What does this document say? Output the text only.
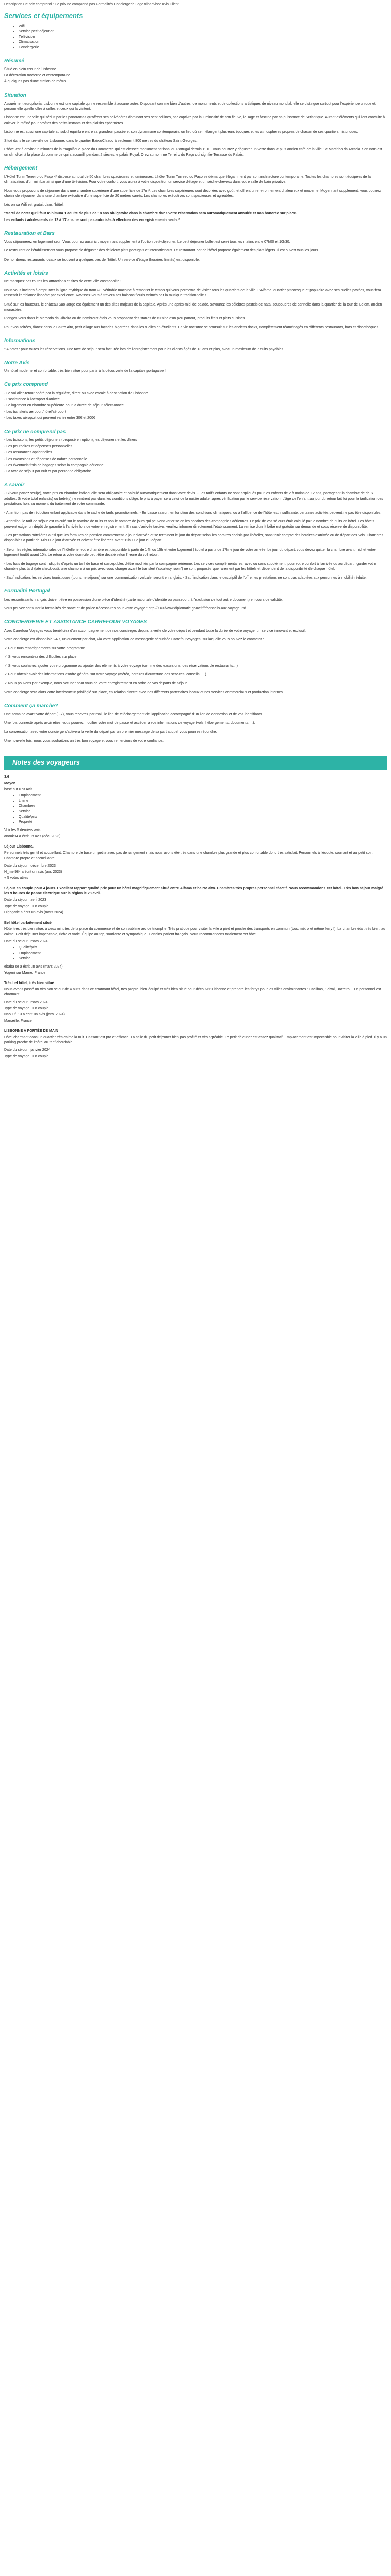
Description Ce prix comprend : Ce prix ne comprend pas Formalités Conciergerie Logo tripadvisor Avis Client

Services et équipements
• Wifi
• Service petit déjeuner
• Télévision
• Climatisation
• Conciergerie
Résumé

Situé en plein cœur de Lisbonne

La décoration moderne et contemporaine

À quelques pas d'une station de métro

Situation

Assurément europhoria, Lisbonne est une capitale qui ne ressemble à aucune autre. Disposant comme bien d'autres, de monuments et de collections artistiques de niveau mondial, elle se distingue surtout pour l'expérience unique et personnelle qu'elle offre à celles et ceux qui la visitent.

Lisbonne est une ville qui séduit par les panoramas qu'offrent ses belvédères dominant ses sept collines, par captivre par la luminosité de son fleuve, le Tage et fascine par sa puissance de l'Atlantique. Autant d'éléments qui l'ont conduite à cultiver le raffiné pour profiter des petits instants et des plaisirs éphémères.

Lisbonne est aussi une capitale au subtil équilibre entre sa grandeur passée et son dynamisme contemporain, un lieu où se mélangent plusieurs époques et les atmosphères propres de chacun de ses quartiers historiques.

Situé dans le centre-ville de Lisbonne, dans le quartier Baixa/Chiado à seulement 800 mètres du château Saint-Georges.

L'hôtel est à environ 5 minutes de la magnifique place du Commerce qui est classée monument national du Portugal depuis 1910. Vous pourrez y déguster un verre dans le plus ancien café de la ville : le Martinho da Arcada. Son nom est un clin d'œil à la place du commerce qui a accueilli pendant 2 siècles le palais Royal. Orez surnomme Terreiro do Paço qui signifie Terrasse du Palais.

Hébergement

L'Hôtel Turim Terreiro do Paço 4* dispose au total de 50 chambres spacieuses et lumineuses. L'hôtel Turim Terreiro do Paço se démarque élégamment par son architecture contemporaine. Toutes les chambres sont équipées de la climatisation, d'un minibar ainsi que d'une télévision. Pour votre confort, vous aurez à votre disposition un service d'étage et un sèche-cheveux dans votre salle de bain privative.

Nous vous proposons de séjourner dans une chambre supérieure d'une superficie de 17m². Les chambres supérieures sont décorées avec goût, et offrent un environnement chaleureux et moderne. Moyennant supplément, vous pourrez choisir de séjourner dans une chambre exécutive d'une superficie de 20 mètres carrés. Les chambres exécutives sont spacieuses et agréables.

Lès on sa Wifi est gratuit dans l'hôtel.

*Merci de noter qu'il faut minimum 1 adulte de plus de 18 ans obligatoire dans la chambre dans votre réservation sera automatiquement annulée et non honorée sur place.

Les enfants / adolescents de 12 à 17 ans ne sont pas autorisés à effectuer des enregistrements seuls.*

Restauration et Bars

Vous séjournerez en logement seul. Vous pourrez aussi ici, moyennant supplément à l'option petit-déjeuner. Le petit déjeuner buffet est servi tous les matins entre 07h00 et 10h30.

Le restaurant de l'établissement vous propose de déguster des délicieux plats portugais et internationaux. Le restaurant bar de l'hôtel propose également des plats légers. Il est ouvert tous les jours.

De nombreux restaurants locaux se trouvent à quelques pas de l'hôtel. Un service d'étage (horaires limités) est disponible.

Activités et loisirs

Ne manquez pas toutes les attractions et sites de cette ville cosmopolite !

Nous vous invitons à emprunter la ligne mythique du tram 28, véritable machine à remonter le temps qui vous permettra de visiter tous les quartiers de la ville. L'Alfama, quartier pittoresque et populaire avec ses ruelles pavées, vous fera ressentir l'ambiance lisboète par excellence. Ravissez-vous à travers ses balcons fleuris animés par la musique traditionnelle !

Situé sur les hauteurs, le château Sao Jorge est également un des sites majeurs de la capitale. Après une après-midi de balade, savourez les célèbres pasteis de nata, soupoudrés de cannelle dans la quartier de la tour de Belem, ancien monastère.

Plongez-vous dans le Mercado da Ribeira ou de nombreux étals vous proposent des stands de cuisine d'un peu partout, produits frais et plats cuisinés.

Pour vos soirées, flânez dans le Bairro Alto, petit village aux façades bigarrées dans les ruelles en étudiants. La vie nocturne se poursuit sur les anciens docks, complètement réaménagés en différents restaurants, bars et discothèques.

Informations

* A noter : pour toutes les réservations, une taxe de séjour sera facturée lors de l'enregistrement pour les clients âgés de 13 ans et plus, avec un maximum de 7 nuits payables.

Notre Avis

Un hôtel moderne et confortable, très bien situé pour partir à la découverte de la capitale portugaise !

Ce prix comprend

- Le vol aller-retour opéré par la régulière, direct ou avec escale à destination de Lisbonne

- L'assistance à l'aéroport d'arrivée

- Le logement en chambre supérieure pour la durée de séjour sélectionnée

- Les transferts aéroport/hôtel/aéroport

- Les taxes aéroport qui peuvent varier entre 30€ et 200€

Ce prix ne comprend pas

- Les boissons, les petits déjeuners (proposé en option), les déjeuners et les dîners

- Les pourboires et dépenses personnelles

- Les assurances optionnelles

- Les excursions et dépenses de nature personnelle

- Les éventuels frais de bagages selon la compagnie aérienne

- La taxe de séjour par nuit et par personne obligatoire

A savoir

- Si vous partez seul(e), votre prix en chambre individuelle sera obligatoire et calculé automatiquement dans votre devis. - Les tarifs enfants ne sont appliqués pour les enfants de 2 à moins de 12 ans, partageant la chambre de deux adultes. Si votre total enfant(s) ou bébé(s) ne rentrent pas dans les conditions d'âge, le prix à payer sera celui de la nuitée adulte, après vérification par le service réservation. L'âge de l'enfant au jour du retour fait foi pour la tarification des prestations hors au moment du traitement de votre commande.

- Attention, pas de réduction enfant applicable dans le cadre de tarifs promotionnels. - En basse saison, en fonction des conditions climatiques, ou à l'affluence de l'hôtel est insuffisante, certaines activités peuvent ne pas être disponibles.

- Attention, le tarif de séjour est calculé sur le nombre de nuits et non le nombre de jours qui peuvent varier selon les horaires des compagnies aériennes. Le prix de vos séjours était calculé par le nombre de nuits en hôtel. Les hôtels peuvent exiger un dépôt de garantie à l'arrivée lors de votre enregistrement. En cas d'arrivée tardive, veuillez informer directement l'établissement. La remise d'un lit bébé est gratuite sur demande et sous réserve de disponibilité.

- Les prestations hôtelières ainsi que les formules de pension commencent le jour d'arrivée et se terminent le jour du départ selon les horaires choisis par l'hôtelier, sans tenir compte des horaires d'arrivée ou de départ des vols. Chambres disponibles à partir de 14h00 le jour d'arrivée et doivent être libérées avant 12h00 le jour du départ.

- Selon les règles internationales de l'hôtellerie, votre chambre est disponible à partir de 14h ou 15h et votre logement ( toutel à partir de 17h le jour de votre arrivée. Le jour du départ, vous devez quitter la chambre avant midi et votre logement toutôt avant 10h. Le retour à votre domicile peut être décalé selon l'heure du vol retour.

- Les frais de bagage sont indiqués d'après un tarif de base et susceptibles d'être modifiés par la compagnie aérienne. Les services complémentaires, avec ou sans supplément, pour votre confort à l'arrivée ou au départ : garder votre chambre plus tard (late check-out), une chambre à un prix avec vous charger avant le transfert ('courtesy room') ne sont proposés que rarement par les hôtels et dépendent de la disponibilité de chaque hôtel.

- Sauf indication, les services touristiques (tourisme séjours) sur une communication verbale, seront en anglais. - Sauf indication dans le descriptif de l'offre, les prestations ne sont pas adaptées aux personnes à mobilité réduite.

Formalité Portugal

Les ressortissants français doivent être en possession d'une pièce d'identité (carte nationale d'identité ou passeport, à l'exclusion de tout autre document) en cours de validité.

Vous pouvez consulter la formalités de santé et de police nécessaires pour votre voyage : http://XXX/www.diplomatie.gouv.fr/fr/conseils-aux-voyageurs/

CONCIERGERIE ET ASSISTANCE CARREFOUR VOYAGES

Avec Carrefour Voyages vous bénéficiez d'un accompagnement de nos concierges depuis la veille de votre départ et pendant toute la durée de votre voyage, un service innovant et exclusif.

Votre concierge est disponible 24/7, uniquement par chat, via votre application de messagerie sécurisée CarrefourVoyages, sur laquelle vous pouvez le contacter :

✓ Pour tous renseignements sur votre programme

✓ Si vous rencontrez des difficultés sur place

✓ Si vous souhaitez ajouter votre programme ou ajouter des éléments à votre voyage (comme des excursions, des réservations de restaurants…)

✓ Pour obtenir avoir des informations d'ordre général sur votre voyage (météo, horaires d'ouverture des services, conseils, …)

✓ Nous pouvons par exemple, nous occuper pour vous de votre enregistrement en ordre de vos départs de séjour.

Votre concierge sera alors votre interlocuteur privilégié sur place, en relation directe avec nos différents partenaires locaux et nos services commerciaux et production internes.

Comment ça marche?

Une semaine avant votre départ (J-7), vous recevrez par mail, le lien de téléchargement de l'application accompagné d'un lien de connexion et de vos identifiants.

Une fois connecté après avoir étiez, vous pourrez modifier votre mot de passe et accéder à vos informations de voyage (vols, hébergements, documents,…).

La conversation avec votre concierge s'activera la veille du départ par un premier message de sa part auquel vous pourrez répondre.

Une nouvelle fois, nous vous souhaitons un très bon voyage et vous remercions de votre confiance.

Notes des voyageurs

3.6

Moyen

basé sur 673 Avis

• Emplacement
• Literie
• Chambres
• Service
• Qualité/prix
• Propreté

Voir les 5 derniers avis

anouk94 a écrit un avis (déc. 2023)

Séjour Lisbonne.

Personnels très gentil et accueillant. Chambre de base un petite avec pas de rangement mais nous avons été très dans une chambre plus grande et plus confortable donc très satisfait. Personnels à l'écoute, souriant et au petit soin. Chambre propre et accueillante.

Date du séjour : décembre 2023

N_mel984 a écrit un avis (avr. 2023)

« 5 votes utiles

Séjour en couple pour 4 jours. Excellent rapport qualité prix pour un hôtel magnifiquement situé entre Alfama et bairro alto. Chambres très propres personnel réactif. Nous recommandons cet hôtel. Très bon séjour malgré les 9 heures de panne électrique sur la région le 28 avril.

Date du séjour : avril 2023

Type de voyage : En couple

Highgarle a écrit un avis (mars 2024)

Bel hôtel parfaitement situé

Hôtel très très bien situé, à deux minutes de la place du commerce et de son sublime arc de triomphe. Très pratique pour visiter la ville à pied et proche des transports en commun (bus, métro et même ferry !). La chambre était très bien, au calme. Petit déjeuner impeccable, riche et varié. Équipe au top, souriante et sympathique. Certains parlent français. Nous recommandons totalement cet hôtel !

Date du séjour : mars 2024

• Qualité/prix
• Emplacement
• Service

ebaba se a écrit un avis (mars 2024)

Yogeni sur Marne, France

Très bel hôtel, très bien situé

Nous avons passé un très bon séjour de 4 nuits dans ce charmant hôtel, très propre, bien équipé et très bien situé pour découvrir Lisbonne et prendre les ferrys pour les villes environnantes : Cacilhas, Seixal, Barreiro… Le personnel est charmant.

Date du séjour : mars 2024

Type de voyage : En couple

Naouuf_13 a écrit un avis (janv. 2024)

Marseille, France

LISBONNE A PORTÉE DE MAIN

Hôtel charmant dans un quartier très calme la nuit. Cassant est pro et efficace. La salle du petit déjeuner bien pas profité et très agréable. Le petit déjeuner est assez qualitatif. Emplacement est impeccable pour visiter la ville à pied. Il y a un parking proche de l'hôtel au tarif abordable.

Date du séjour : janvier 2024

Type de voyage : En couple
